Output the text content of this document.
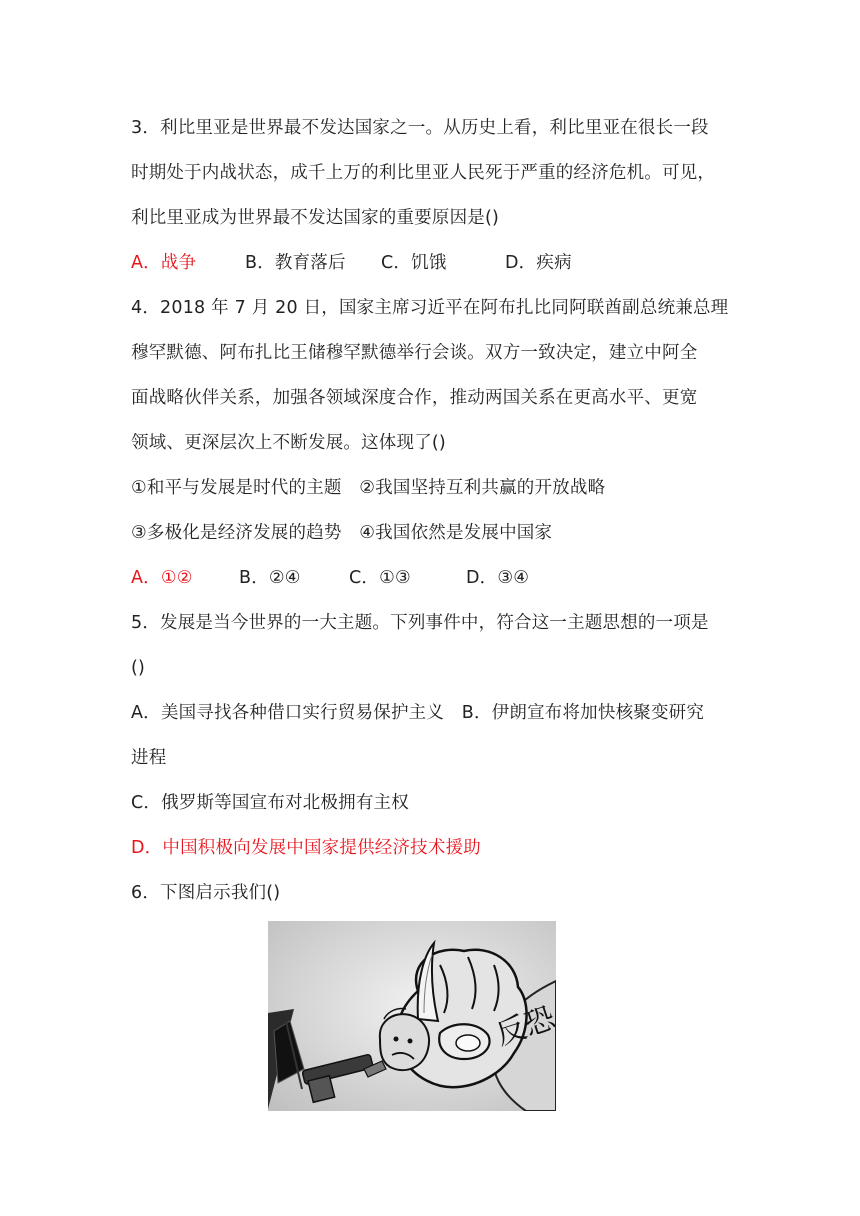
3．利比里亚是世界最不发达国家之一。从历史上看，利比里亚在很长一段
时期处于内战状态，成千上万的利比里亚人民死于严重的经济危机。可见，
利比里亚成为世界最不发达国家的重要原因是()
A．战争	B．教育落后 C．饥饿	D．疾病
4．2018 年 7 月 20 日，国家主席习近平在阿布扎比同阿联酋副总统兼总理
穆罕默德、阿布扎比王储穆罕默德举行会谈。双方一致决定，建立中阿全
面战略伙伴关系，加强各领域深度合作，推动两国关系在更高水平、更宽
领域、更深层次上不断发展。这体现了()
①和平与发展是时代的主题　②我国坚持互利共赢的开放战略
③多极化是经济发展的趋势　④我国依然是发展中国家
A．①②	B．②④	C．①③	D．③④
5．发展是当今世界的一大主题。下列事件中，符合这一主题思想的一项是
()
A．美国寻找各种借口实行贸易保护主义　B．伊朗宣布将加快核聚变研究
进程
C．俄罗斯等国宣布对北极拥有主权
D．中国积极向发展中国家提供经济技术援助
6．下图启示我们()
反恐
